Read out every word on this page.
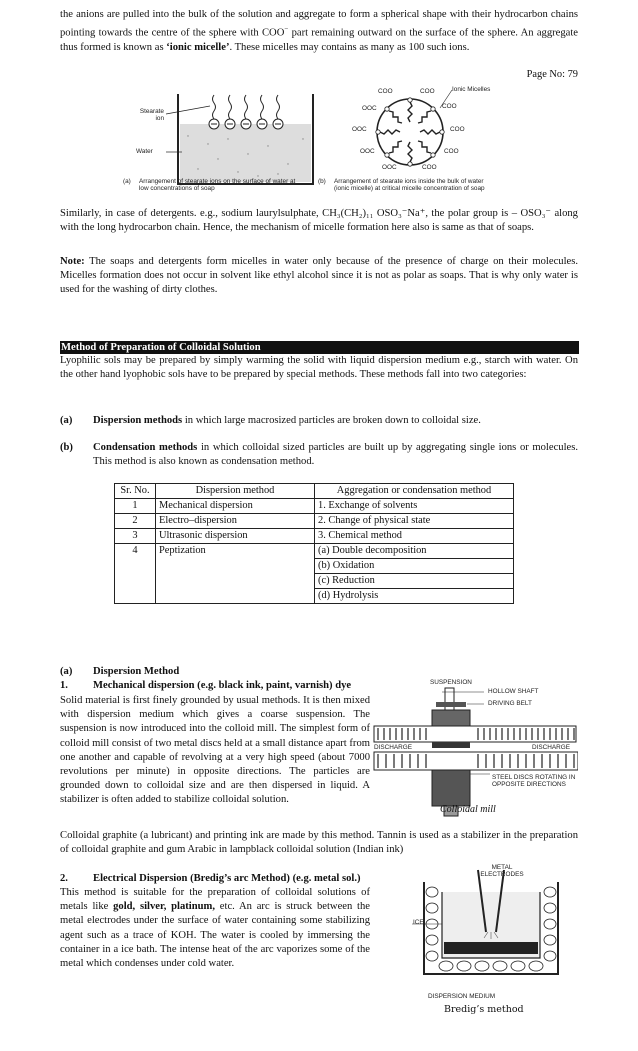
the anions are pulled into the bulk of the solution and aggregate to form a spherical shape with their hydrocarbon chains pointing towards the centre of the sphere with COO− part remaining outward on the surface of the sphere. An aggregate thus formed is known as ‘ionic micelle’. These micelles may contains as many as 100 such ions.
Page No: 79
Stearate ion
Water
(a) Arrangement of stearate ions on the surface of water at low concentrations of soap
Ionic Micelles
COO	COO
OOC	COO
OOC	COO
OOC	COO
OOC	COO
(b) Arrangement of stearate ions inside the bulk of water (ionic micelle) at critical micelle concentration of soap
Similarly, in case of detergents. e.g., sodium laurylsulphate, CH₃(CH₂)₁₁ OSO₃⁻Na⁺, the polar group is – OSO₃⁻ along with the long hydrocarbon chain. Hence, the mechanism of micelle formation here also is same as that of soaps.
Note: The soaps and detergents form micelles in water only because of the presence of charge on their molecules. Micelles formation does not occur in solvent like ethyl alcohol since it is not as polar as soaps. That is why only water is used for the washing of dirty clothes.
Method of Preparation of Colloidal Solution
Lyophilic sols may be prepared by simply warming the solid with liquid dispersion medium e.g., starch with water. On the other hand lyophobic sols have to be prepared by special methods. These methods fall into two categories:
(a) Dispersion methods in which large macrosized particles are broken down to colloidal size.
(b) Condensation methods in which colloidal sized particles are built up by aggregating single ions or molecules. This method is also known as condensation method.
Sr. No.	Dispersion method	Aggregation or condensation method
1	Mechanical dispersion	1. Exchange of solvents
2	Electro–dispersion	2. Change of physical state
3	Ultrasonic dispersion	3. Chemical method
4	Peptization	(a) Double decomposition
(b) Oxidation
(c) Reduction
(d) Hydrolysis
(a) Dispersion Method
1. Mechanical dispersion (e.g. black ink, paint, varnish) dye
Solid material is first finely grounded by usual methods. It is then mixed with dispersion medium which gives a coarse suspension. The suspension is now introduced into the colloid mill. The simplest form of colloid mill consist of two metal discs held at a small distance apart from one another and capable of revolving at a very high speed (about 7000 revolutions per minute) in opposite directions. The particles are grounded down to colloidal size and are then dispersed in liquid. A stabilizer is often added to stabilize colloidal solution.
SUSPENSION
HOLLOW SHAFT
DRIVING BELT
DISCHARGE	DISCHARGE
STEEL DISCS ROTATING IN OPPOSITE DIRECTIONS
Colloidal mill
Colloidal graphite (a lubricant) and printing ink are made by this method. Tannin is used as a stabilizer in the preparation of colloidal graphite and gum Arabic in lampblack colloidal solution (Indian ink)
2. Electrical Dispersion (Bredig’s arc Method) (e.g. metal sol.)
This method is suitable for the preparation of colloidal solutions of metals like gold, silver, platinum, etc. An arc is struck between the metal electrodes under the surface of water containing some stabilizing agent such as a trace of KOH. The water is cooled by immersing the container in a ice bath. The intense heat of the arc vaporizes some of the metal which condenses under cold water.
METAL ELECTRODES
ICE
DISPERSION MEDIUM
Bredig’s method
